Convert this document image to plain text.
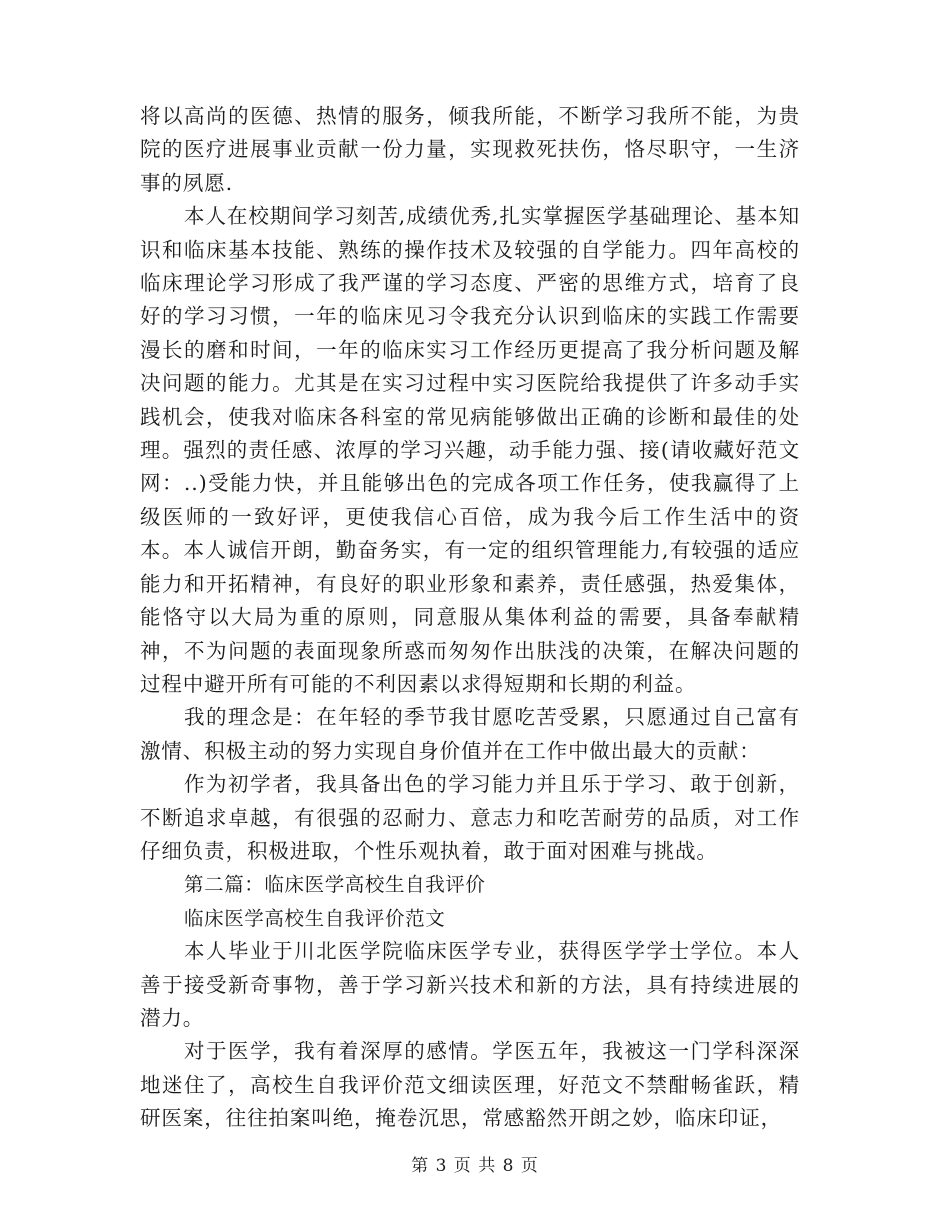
将以高尚的医德、热情的服务，倾我所能，不断学习我所不能，为贵院的医疗进展事业贡献一份力量，实现救死扶伤，恪尽职守，一生济事的夙愿.

本人在校期间学习刻苦,成绩优秀,扎实掌握医学基础理论、基本知识和临床基本技能、熟练的操作技术及较强的自学能力。四年高校的临床理论学习形成了我严谨的学习态度、严密的思维方式，培育了良好的学习习惯，一年的临床见习令我充分认识到临床的实践工作需要漫长的磨和时间，一年的临床实习工作经历更提高了我分析问题及解决问题的能力。尤其是在实习过程中实习医院给我提供了许多动手实践机会，使我对临床各科室的常见病能够做出正确的诊断和最佳的处理。强烈的责任感、浓厚的学习兴趣，动手能力强、接(请收藏好范文　网：..)受能力快，并且能够出色的完成各项工作任务，使我赢得了上级医师的一致好评，更使我信心百倍，成为我今后工作生活中的资本。本人诚信开朗，勤奋务实，有一定的组织管理能力,有较强的适应能力和开拓精神，有良好的职业形象和素养，责任感强，热爱集体，能恪守以大局为重的原则，同意服从集体利益的需要，具备奉献精神，不为问题的表面现象所惑而匆匆作出肤浅的决策，在解决问题的过程中避开所有可能的不利因素以求得短期和长期的利益。

我的理念是：在年轻的季节我甘愿吃苦受累，只愿通过自己富有激情、积极主动的努力实现自身价值并在工作中做出最大的贡献：

作为初学者，我具备出色的学习能力并且乐于学习、敢于创新，不断追求卓越，有很强的忍耐力、意志力和吃苦耐劳的品质，对工作仔细负责，积极进取，个性乐观执着，敢于面对困难与挑战。

第二篇：临床医学高校生自我评价
临床医学高校生自我评价范文

本人毕业于川北医学院临床医学专业，获得医学学士学位。本人善于接受新奇事物，善于学习新兴技术和新的方法，具有持续进展的潜力。

对于医学，我有着深厚的感情。学医五年，我被这一门学科深深地迷住了，高校生自我评价范文细读医理，好范文不禁酣畅雀跃，精研医案，往往拍案叫绝，掩卷沉思，常感豁然开朗之妙，临床印证，

第 3 页 共 8 页
